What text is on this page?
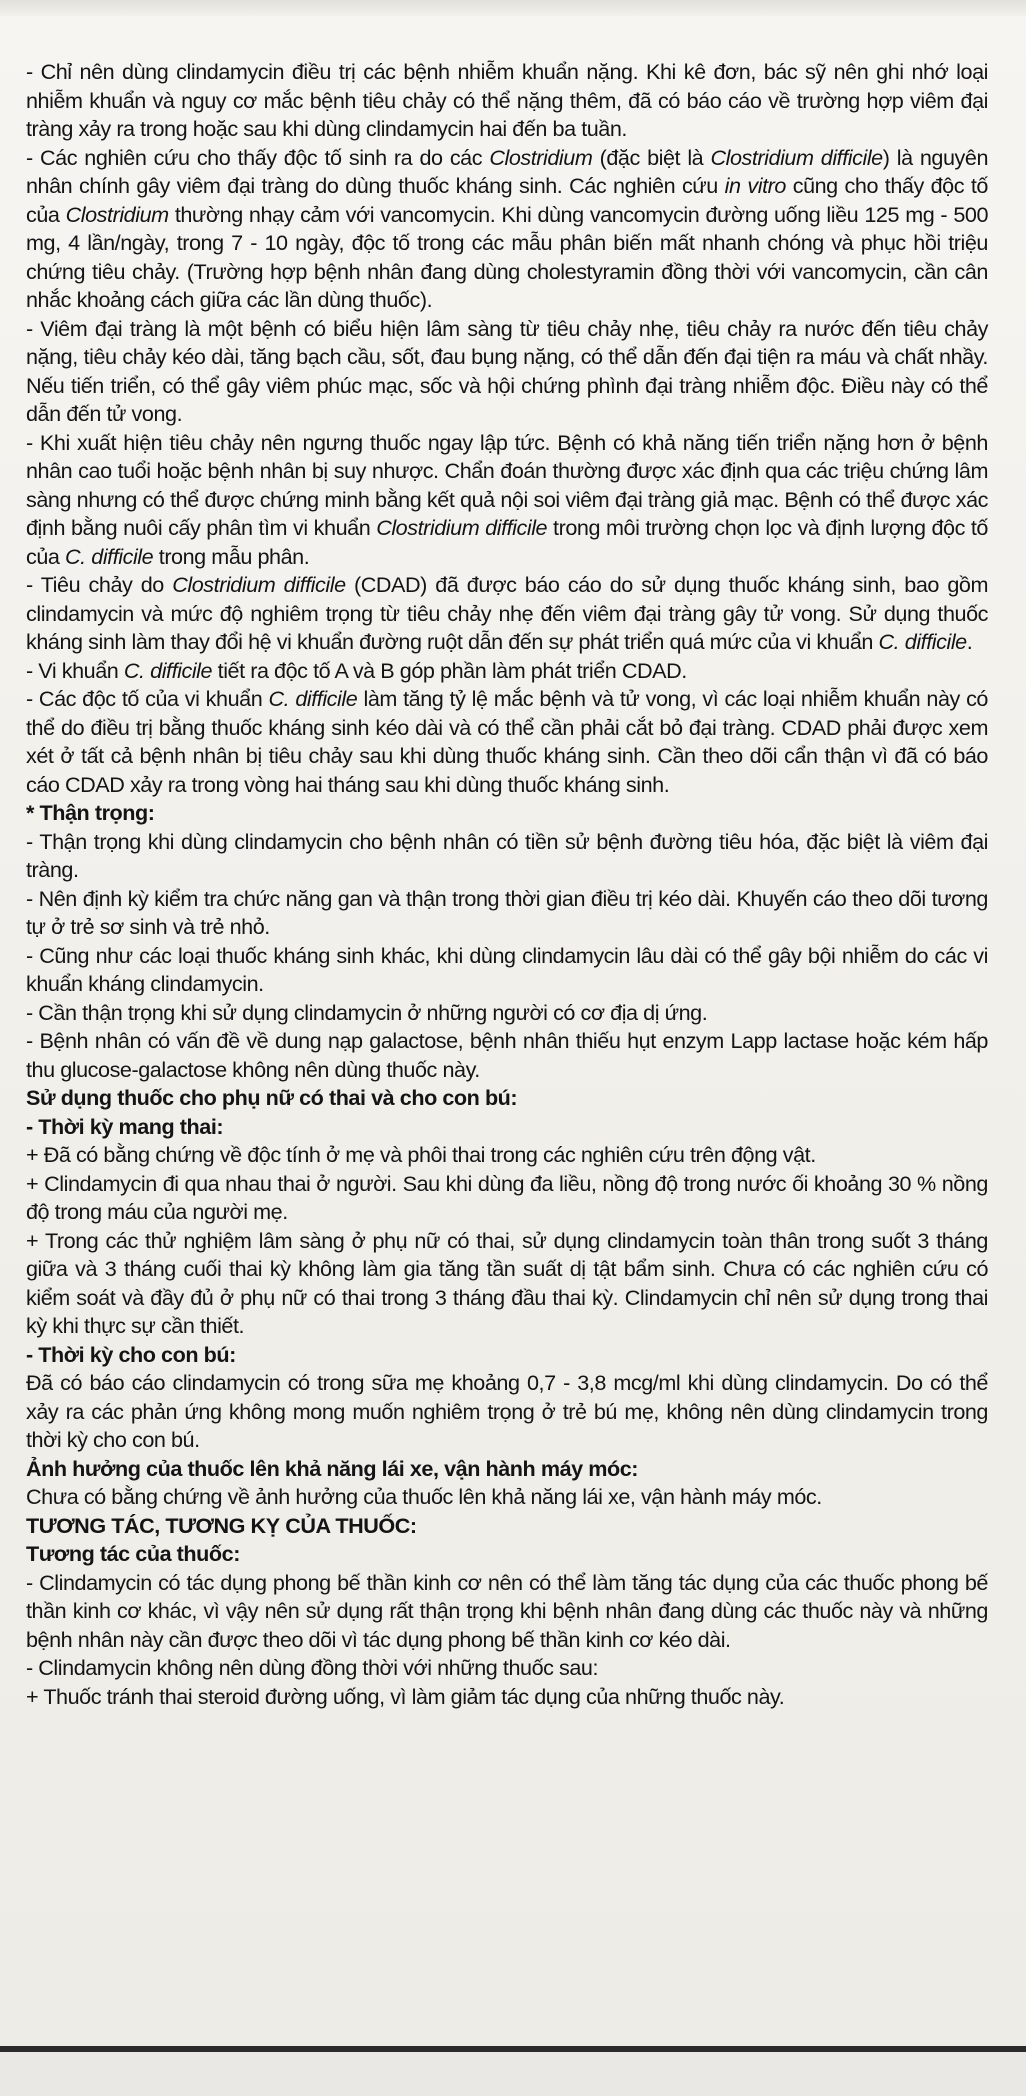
- Chỉ nên dùng clindamycin điều trị các bệnh nhiễm khuẩn nặng. Khi kê đơn, bác sỹ nên ghi nhớ loại nhiễm khuẩn và nguy cơ mắc bệnh tiêu chảy có thể nặng thêm, đã có báo cáo về trường hợp viêm đại tràng xảy ra trong hoặc sau khi dùng clindamycin hai đến ba tuần.

- Các nghiên cứu cho thấy độc tố sinh ra do các Clostridium (đặc biệt là Clostridium difficile) là nguyên nhân chính gây viêm đại tràng do dùng thuốc kháng sinh. Các nghiên cứu in vitro cũng cho thấy độc tố của Clostridium thường nhạy cảm với vancomycin. Khi dùng vancomycin đường uống liều 125 mg - 500 mg, 4 lần/ngày, trong 7 - 10 ngày, độc tố trong các mẫu phân biến mất nhanh chóng và phục hồi triệu chứng tiêu chảy. (Trường hợp bệnh nhân đang dùng cholestyramin đồng thời với vancomycin, cần cân nhắc khoảng cách giữa các lần dùng thuốc).

- Viêm đại tràng là một bệnh có biểu hiện lâm sàng từ tiêu chảy nhẹ, tiêu chảy ra nước đến tiêu chảy nặng, tiêu chảy kéo dài, tăng bạch cầu, sốt, đau bụng nặng, có thể dẫn đến đại tiện ra máu và chất nhầy. Nếu tiến triển, có thể gây viêm phúc mạc, sốc và hội chứng phình đại tràng nhiễm độc. Điều này có thể dẫn đến tử vong.

- Khi xuất hiện tiêu chảy nên ngưng thuốc ngay lập tức. Bệnh có khả năng tiến triển nặng hơn ở bệnh nhân cao tuổi hoặc bệnh nhân bị suy nhược. Chẩn đoán thường được xác định qua các triệu chứng lâm sàng nhưng có thể được chứng minh bằng kết quả nội soi viêm đại tràng giả mạc. Bệnh có thể được xác định bằng nuôi cấy phân tìm vi khuẩn Clostridium difficile trong môi trường chọn lọc và định lượng độc tố của C. difficile trong mẫu phân.

- Tiêu chảy do Clostridium difficile (CDAD) đã được báo cáo do sử dụng thuốc kháng sinh, bao gồm clindamycin và mức độ nghiêm trọng từ tiêu chảy nhẹ đến viêm đại tràng gây tử vong. Sử dụng thuốc kháng sinh làm thay đổi hệ vi khuẩn đường ruột dẫn đến sự phát triển quá mức của vi khuẩn C. difficile.

- Vi khuẩn C. difficile tiết ra độc tố A và B góp phần làm phát triển CDAD.

- Các độc tố của vi khuẩn C. difficile làm tăng tỷ lệ mắc bệnh và tử vong, vì các loại nhiễm khuẩn này có thể do điều trị bằng thuốc kháng sinh kéo dài và có thể cần phải cắt bỏ đại tràng. CDAD phải được xem xét ở tất cả bệnh nhân bị tiêu chảy sau khi dùng thuốc kháng sinh. Cần theo dõi cẩn thận vì đã có báo cáo CDAD xảy ra trong vòng hai tháng sau khi dùng thuốc kháng sinh.

* Thận trọng:

- Thận trọng khi dùng clindamycin cho bệnh nhân có tiền sử bệnh đường tiêu hóa, đặc biệt là viêm đại tràng.

- Nên định kỳ kiểm tra chức năng gan và thận trong thời gian điều trị kéo dài. Khuyến cáo theo dõi tương tự ở trẻ sơ sinh và trẻ nhỏ.

- Cũng như các loại thuốc kháng sinh khác, khi dùng clindamycin lâu dài có thể gây bội nhiễm do các vi khuẩn kháng clindamycin.

- Cần thận trọng khi sử dụng clindamycin ở những người có cơ địa dị ứng.

- Bệnh nhân có vấn đề về dung nạp galactose, bệnh nhân thiếu hụt enzym Lapp lactase hoặc kém hấp thu glucose-galactose không nên dùng thuốc này.

Sử dụng thuốc cho phụ nữ có thai và cho con bú:

- Thời kỳ mang thai:

+ Đã có bằng chứng về độc tính ở mẹ và phôi thai trong các nghiên cứu trên động vật.

+ Clindamycin đi qua nhau thai ở người. Sau khi dùng đa liều, nồng độ trong nước ối khoảng 30 % nồng độ trong máu của người mẹ.

+ Trong các thử nghiệm lâm sàng ở phụ nữ có thai, sử dụng clindamycin toàn thân trong suốt 3 tháng giữa và 3 tháng cuối thai kỳ không làm gia tăng tần suất dị tật bẩm sinh. Chưa có các nghiên cứu có kiểm soát và đầy đủ ở phụ nữ có thai trong 3 tháng đầu thai kỳ. Clindamycin chỉ nên sử dụng trong thai kỳ khi thực sự cần thiết.

- Thời kỳ cho con bú:

Đã có báo cáo clindamycin có trong sữa mẹ khoảng 0,7 - 3,8 mcg/ml khi dùng clindamycin. Do có thể xảy ra các phản ứng không mong muốn nghiêm trọng ở trẻ bú mẹ, không nên dùng clindamycin trong thời kỳ cho con bú.

Ảnh hưởng của thuốc lên khả năng lái xe, vận hành máy móc:

Chưa có bằng chứng về ảnh hưởng của thuốc lên khả năng lái xe, vận hành máy móc.

TƯƠNG TÁC, TƯƠNG KỴ CỦA THUỐC:

Tương tác của thuốc:

- Clindamycin có tác dụng phong bế thần kinh cơ nên có thể làm tăng tác dụng của các thuốc phong bế thần kinh cơ khác, vì vậy nên sử dụng rất thận trọng khi bệnh nhân đang dùng các thuốc này và những bệnh nhân này cần được theo dõi vì tác dụng phong bế thần kinh cơ kéo dài.

- Clindamycin không nên dùng đồng thời với những thuốc sau:

+ Thuốc tránh thai steroid đường uống, vì làm giảm tác dụng của những thuốc này.
